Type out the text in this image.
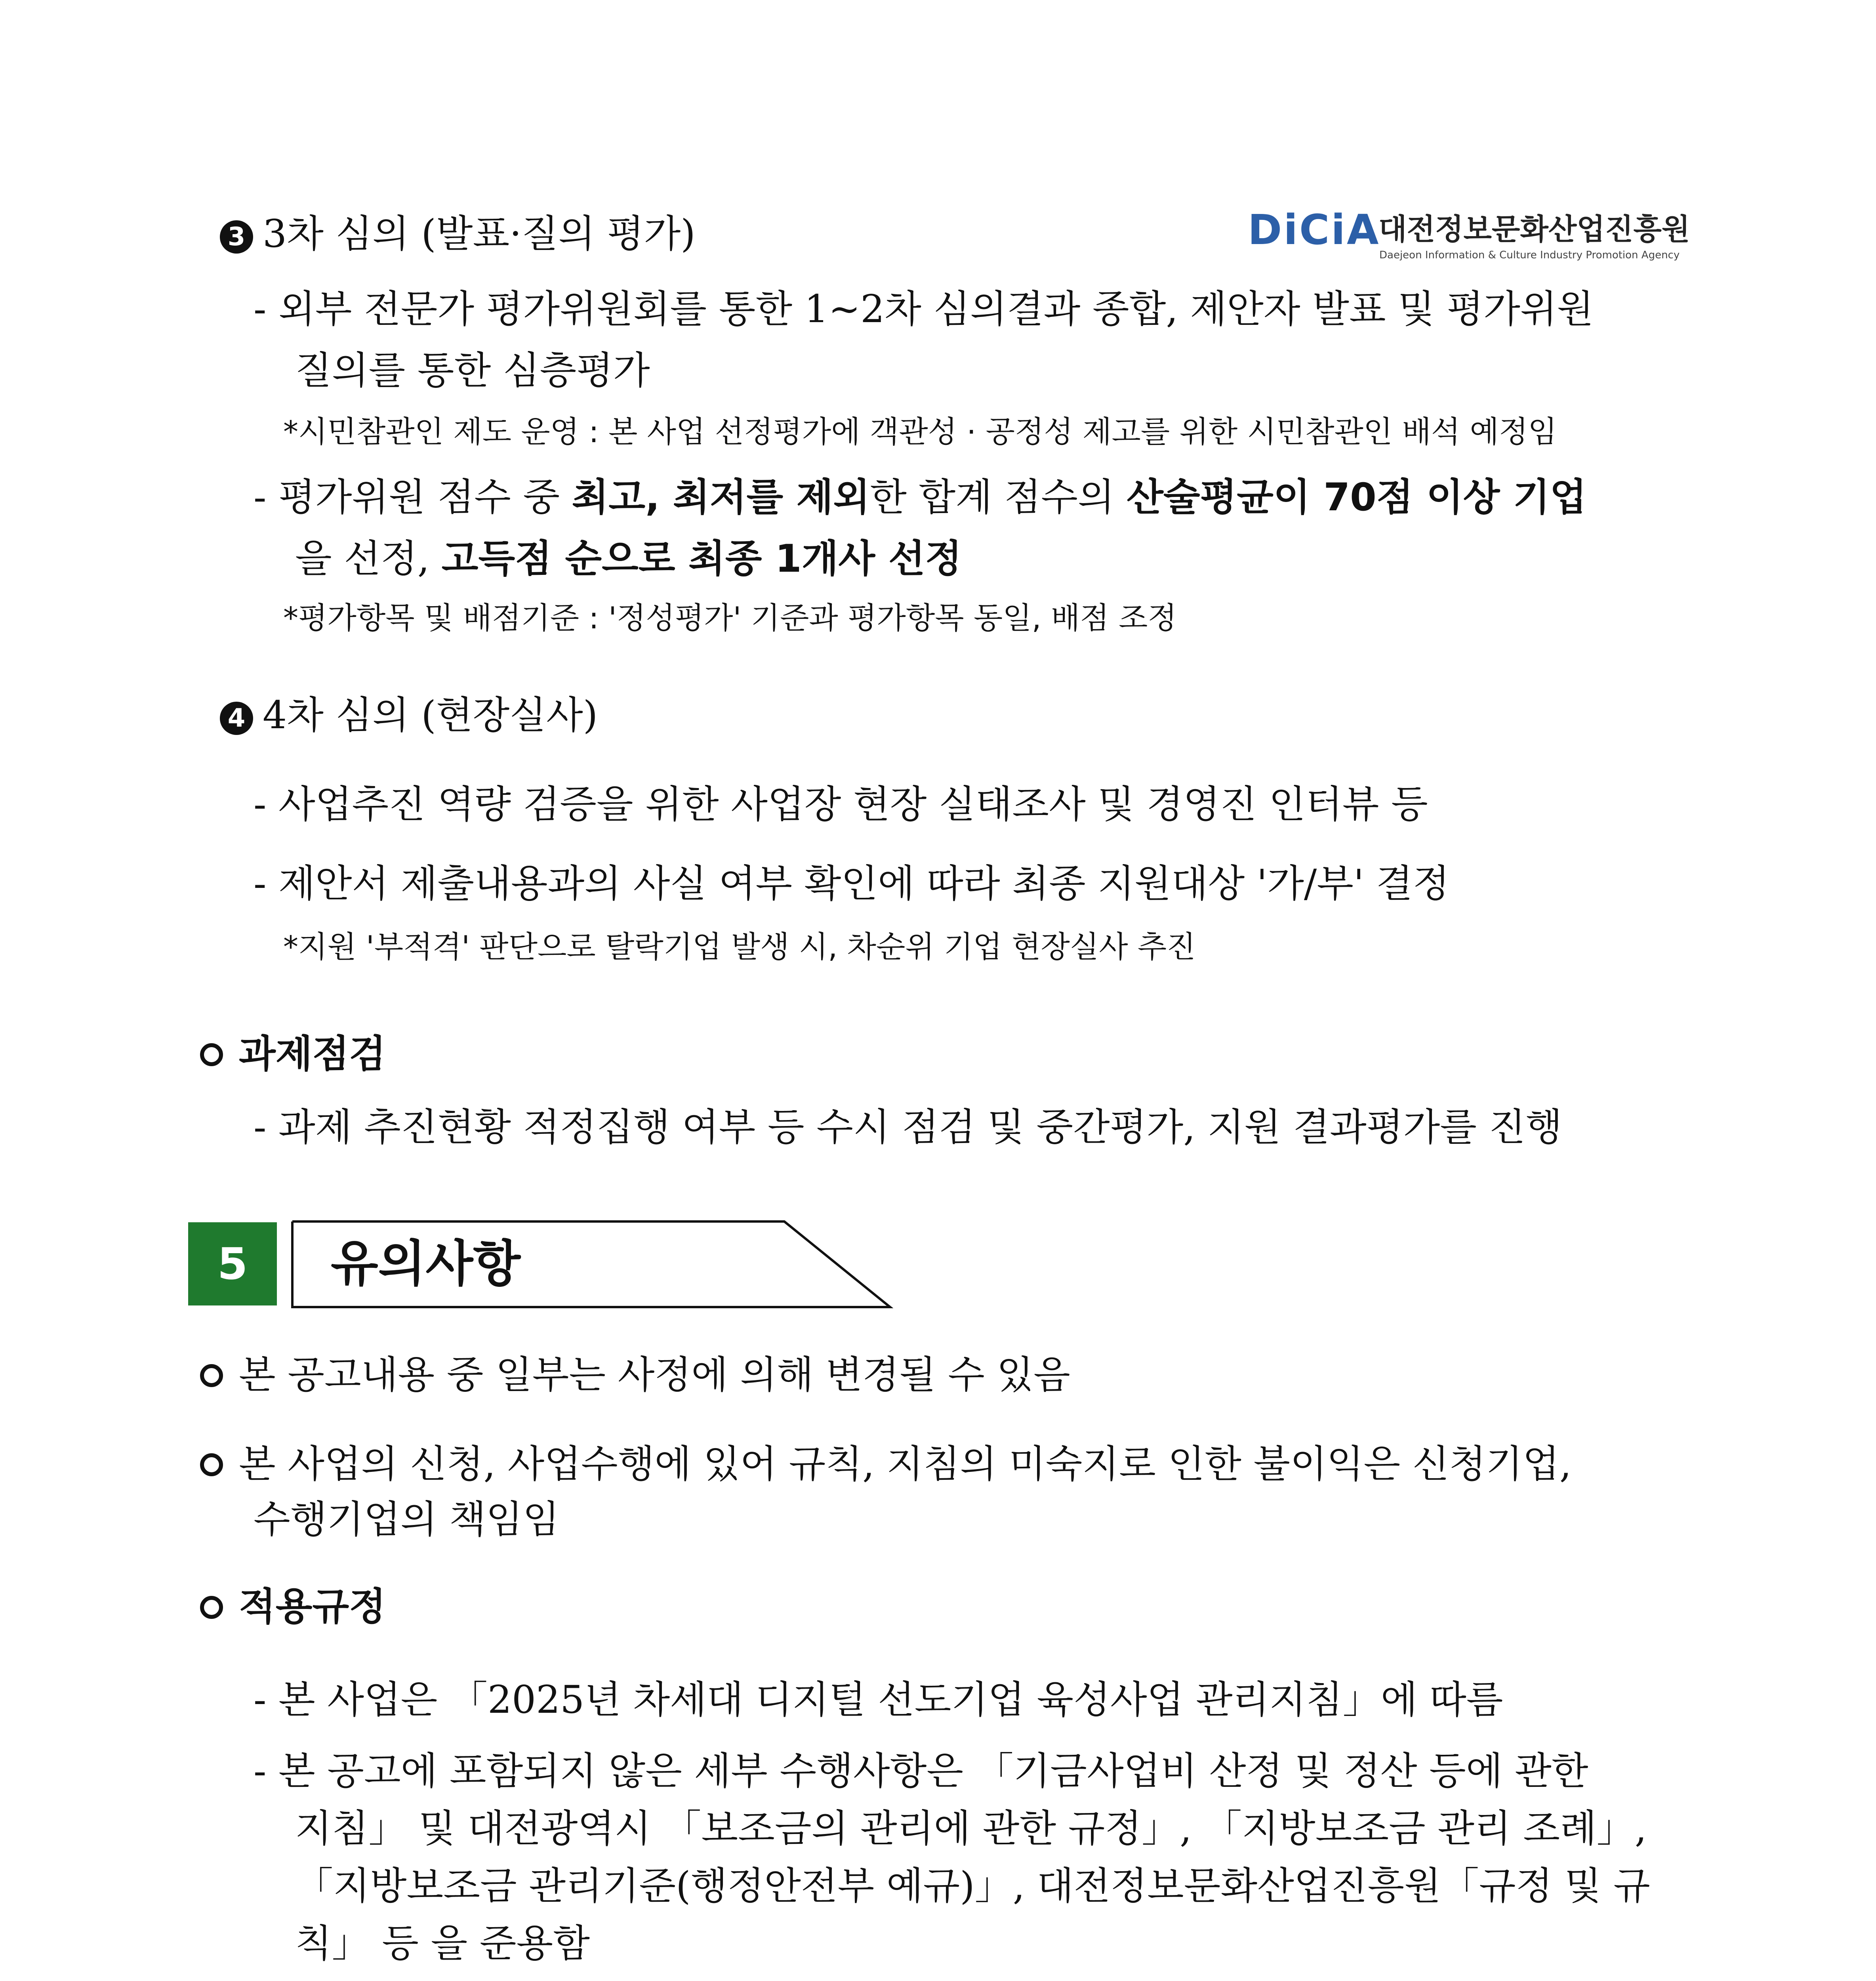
DiCiA
대전정보문화산업진흥원
Daejeon Information & Culture Industry Promotion Agency
3 3차 심의 (발표·질의 평가)
- 외부 전문가 평가위원회를 통한 1~2차 심의결과 종합, 제안자 발표 및 평가위원
질의를 통한 심층평가
*시민참관인 제도 운영 : 본 사업 선정평가에 객관성 · 공정성 제고를 위한 시민참관인 배석 예정임
- 평가위원 점수 중 최고, 최저를 제외한 합계 점수의 산술평균이 70점 이상 기업
을 선정, 고득점 순으로 최종 1개사 선정
*평가항목 및 배점기준 : '정성평가' 기준과 평가항목 동일, 배점 조정
4 4차 심의 (현장실사)
- 사업추진 역량 검증을 위한 사업장 현장 실태조사 및 경영진 인터뷰 등
- 제안서 제출내용과의 사실 여부 확인에 따라 최종 지원대상 '가/부' 결정
*지원 '부적격' 판단으로 탈락기업 발생 시, 차순위 기업 현장실사 추진
과제점검
- 과제 추진현황 적정집행 여부 등 수시 점검 및 중간평가, 지원 결과평가를 진행
5	유의사항
본 공고내용 중 일부는 사정에 의해 변경될 수 있음
본 사업의 신청, 사업수행에 있어 규칙, 지침의 미숙지로 인한 불이익은 신청기업,
수행기업의 책임임
적용규정
- 본 사업은 「2025년 차세대 디지털 선도기업 육성사업 관리지침」에 따름
- 본 공고에 포함되지 않은 세부 수행사항은 「기금사업비 산정 및 정산 등에 관한
지침」 및 대전광역시 「보조금의 관리에 관한 규정」, 「지방보조금 관리 조례」,
「지방보조금 관리기준(행정안전부 예규)」, 대전정보문화산업진흥원「규정 및 규
칙」 등 을 준용함
